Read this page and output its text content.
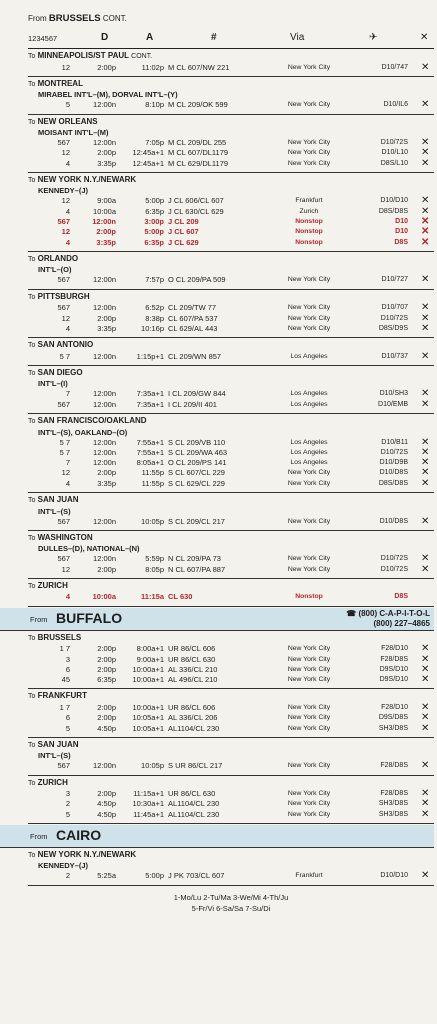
From BRUSSELS CONT.
1234567	D	A	#	Via	✈	✕
To MINNEAPOLIS/ST PAUL CONT.
12	2:00p	11:02p M CL 607/NW 221	New York City	D10/747 ✕
To MONTREAL
MIRABEL INT'L–(M), DORVAL INT'L–(Y)
5	12:00n	8:10p M CL 209/OK 599	New York City	D10/IL6 ✕
To NEW ORLEANS
MOISANT INT'L–(M)
567	12:00n	7:05p M CL 209/DL 255	New York City	D10/72S ✕
12	2:00p	12:45a+1 M CL 607/DL1179	New York City	D10/L10 ✕
4	3:35p	12:45a+1 M CL 629/DL1179	New York City	D8S/L10 ✕
To NEW YORK N.Y./NEWARK
KENNEDY–(J)
12	9:00a	5:00p J CL 606/CL 607	Frankfurt	D10/D10 ✕
4	10:00a	6:35p J CL 630/CL 629	Zurich	D8S/D8S ✕
567	12:00n	3:00p J CL 209	Nonstop	D10 ✕
12	2:00p	5:00p J CL 607	Nonstop	D10 ✕
4	3:35p	6:35p J CL 629	Nonstop	D8S ✕
To ORLANDO
INT'L–(O)
567	12:00n	7:57p O CL 209/PA 509	New York City	D10/727 ✕
To PITTSBURGH
567	12:00n	6:52p CL 209/TW 77	New York City	D10/707 ✕
12	2:00p	8:38p CL 607/PA 537	New York City	D10/72S ✕
4	3:35p	10:16p CL 629/AL 443	New York City	D8S/D9S ✕
To SAN ANTONIO
5 7	12:00n	1:15p+1 CL 209/WN 857	Los Angeles	D10/737 ✕
To SAN DIEGO
INT'L–(I)
7	12:00n	7:35a+1 I CL 209/GW 844	Los Angeles	D10/SH3 ✕
567	12:00n	7:35a+1 I CL 209/II 401	Los Angeles	D10/EMB ✕
To SAN FRANCISCO/OAKLAND
INT'L–(S), OAKLAND–(O)
5 7	12:00n	7:55a+1 S CL 209/VB 110	Los Angeles	D10/B11 ✕
5 7	12:00n	7:55a+1 S CL 209/WA 463	Los Angeles	D10/72S ✕
7	12:00n	8:05a+1 O CL 209/PS 141	Los Angeles	D10/D9B ✕
12	2:00p	11:55p S CL 607/CL 229	New York City	D10/D8S ✕
4	3:35p	11:55p S CL 629/CL 229	New York City	D8S/D8S ✕
To SAN JUAN
INT'L–(S)
567	12:00n	10:05p S CL 209/CL 217	New York City	D10/D8S ✕
To WASHINGTON
DULLES–(D), NATIONAL–(N)
567	12:00n	5:59p N CL 209/PA 73	New York City	D10/72S ✕
12	2:00p	8:05p N CL 607/PA 887	New York City	D10/72S ✕
To ZURICH
4	10:00a	11:15a CL 630	Nonstop	D8S
From BUFFALO	☎ (800) C-A-P-I-T-O-L
(800) 227–4865
To BRUSSELS
1 7	2:00p	8:00a+1 UR 86/CL 606	New York City	F28/D10 ✕
3	2:00p	9:00a+1 UR 86/CL 630	New York City	F28/D8S ✕
6	2:00p	10:00a+1 AL 336/CL 210	New York City	D9S/D10 ✕
45	6:35p	10:00a+1 AL 496/CL 210	New York City	D9S/D10 ✕
To FRANKFURT
1 7	2:00p	10:00a+1 UR 86/CL 606	New York City	F28/D10 ✕
6	2:00p	10:05a+1 AL 336/CL 206	New York City	D9S/D8S ✕
5	4:50p	10:05a+1 AL1104/CL 230	New York City	SH3/D8S ✕
To SAN JUAN
INT'L–(S)
567	12:00n	10:05p S UR 86/CL 217	New York City	F28/D8S ✕
To ZURICH
3	2:00p	11:15a+1 UR 86/CL 630	New York City	F28/D8S ✕
2	4:50p	10:30a+1 AL1104/CL 230	New York City	SH3/D8S ✕
5	4:50p	11:45a+1 AL1104/CL 230	New York City	SH3/D8S ✕
From CAIRO
To NEW YORK N.Y./NEWARK
KENNEDY–(J)
2	5:25a	5:00p J PK 703/CL 607	Frankfurt	D10/D10 ✕
1-Mo/Lu 2-Tu/Ma 3-We/Mi 4-Th/Ju
5-Fr/Vi 6-Sa/Sa 7-Su/Di
